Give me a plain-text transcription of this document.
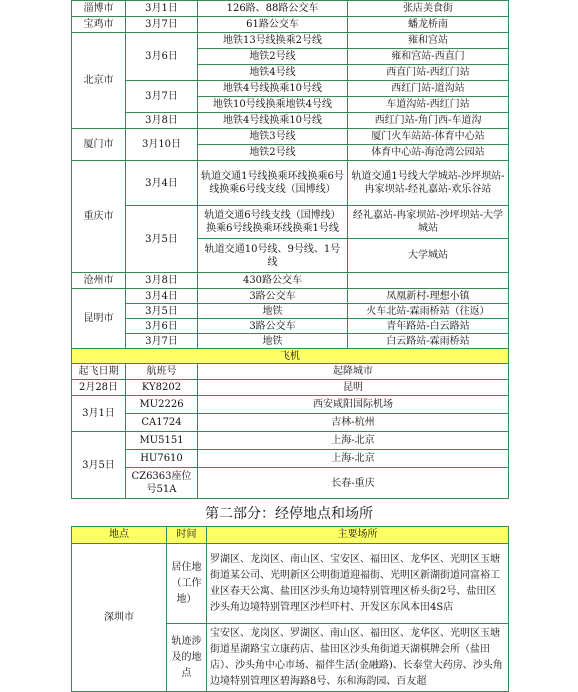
淄博市	3月1日	126路、88路公交车	张店美食街
宝鸡市	3月7日	61路公交车	蟠龙桥南
北京市	3月6日	地铁13号线换乘2号线	雍和宫站
		地铁2号线	雍和宫站-西直门
		地铁4号线	西直门站-西红门站
	3月7日	地铁4号线换乘10号线	西红门站-道沟站
		地铁10号线换乘地铁4号线	车道沟站-西红门站
	3月8日	地铁4号线换乘10号线	西红门站-角门西-车道沟
厦门市	3月10日	地铁3号线	厦门火车站站-体育中心站
		地铁2号线	体育中心站-海沧湾公园站
重庆市	3月4日	轨道交通1号线换乘环线换乘6号线换乘6号线支线（国博线）	轨道交通1号线大学城站-沙坪坝站-冉家坝站-经礼嘉站-欢乐谷站
	3月5日	轨道交通6号线支线（国博线）换乘6号线换乘环线换乘1号线	经礼嘉站-冉家坝站-沙坪坝站-大学城站
		轨道交通10号线、9号线、1号线	大学城站
沧州市	3月8日	430路公交车	
昆明市	3月4日	3路公交车	凤凰新村-理想小镇
	3月5日	地铁	火车北站-霖雨桥站（往返）
	3月6日	3路公交车	青年路站-白云路站
	3月7日	地铁	白云路站-霖雨桥站
飞机			
起飞日期	航班号	起降城市	
2月28日	KY8202	昆明	
3月1日	MU2226	西安咸阳国际机场	
	CA1724	吉林-杭州	
3月5日	MU5151	上海-北京	
	HU7610	上海-北京	
	CZ6363座位号51A	长春-重庆	
第二部分：经停地点和场所
地点	时间	主要场所
深圳市	居住地（工作地）	罗湖区、龙岗区、南山区、宝安区、福田区、龙华区、光明区玉塘街道某公司、光明新区公明街道迎福街、光明区新湖街道同富裕工业区春天公寓、盐田区沙头角边境特别管理区桥头街2号、盐田区沙头角边境特别管理区沙栏吓村、开发区东风本田4S店
	轨迹涉及的地点	宝安区、龙岗区、罗湖区、南山区、福田区、龙华区、光明区玉塘街道星湖路宝立康药店、盐田区沙头角街道天湖棋牌会所（盐田店）、沙头角中心市场、福伴生活(金融路)、长泰堂大药房、沙头角边境特别管理区碧海路8号、东和海韵园、百友超
